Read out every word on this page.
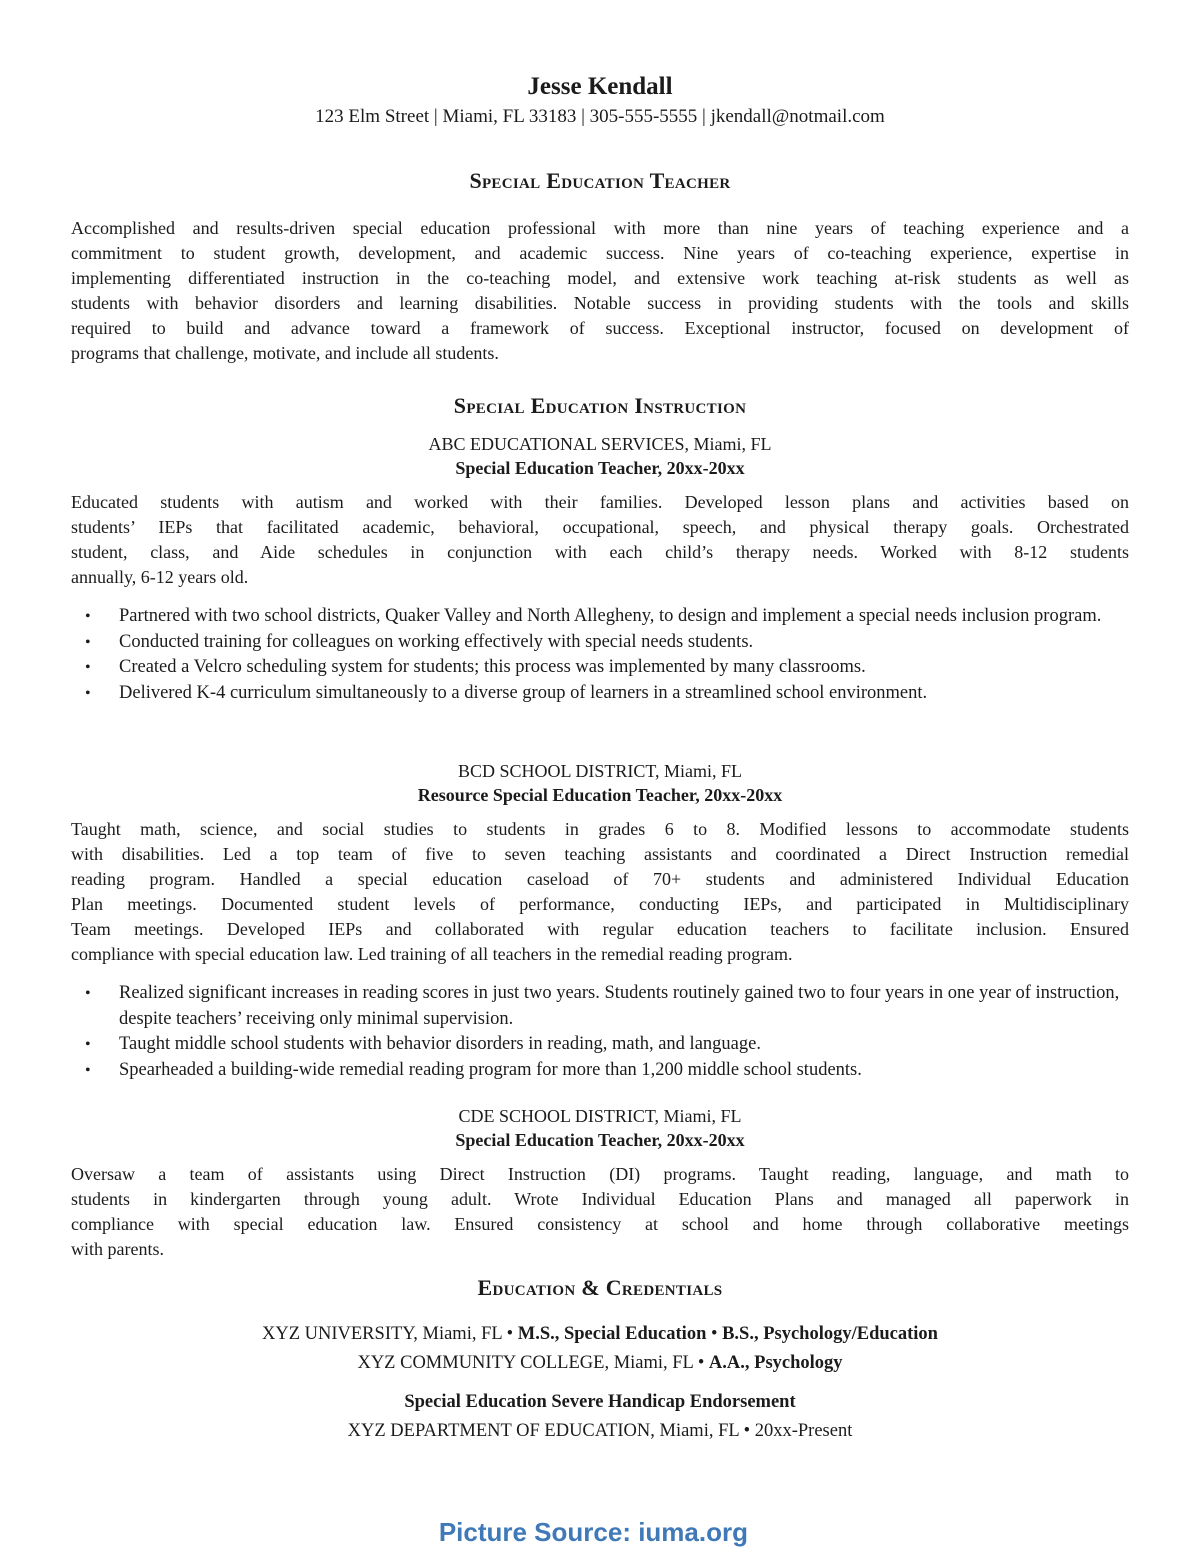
Jesse Kendall
123 Elm Street | Miami, FL 33183 | 305-555-5555 | jkendall@notmail.com
Special Education Teacher
Accomplished and results-driven special education professional with more than nine years of teaching experience and a
commitment to student growth, development, and academic success. Nine years of co-teaching experience, expertise in
implementing differentiated instruction in the co-teaching model, and extensive work teaching at-risk students as well as
students with behavior disorders and learning disabilities. Notable success in providing students with the tools and skills
required to build and advance toward a framework of success. Exceptional instructor, focused on development of
programs that challenge, motivate, and include all students.
Special Education Instruction
ABC EDUCATIONAL SERVICES, Miami, FL
Special Education Teacher, 20xx-20xx
Educated students with autism and worked with their families. Developed lesson plans and activities based on
students’ IEPs that facilitated academic, behavioral, occupational, speech, and physical therapy goals. Orchestrated
student, class, and Aide schedules in conjunction with each child’s therapy needs. Worked with 8-12 students
annually, 6-12 years old.
• Partnered with two school districts, Quaker Valley and North Allegheny, to design and implement a special needs inclusion program.
• Conducted training for colleagues on working effectively with special needs students.
• Created a Velcro scheduling system for students; this process was implemented by many classrooms.
• Delivered K-4 curriculum simultaneously to a diverse group of learners in a streamlined school environment.
BCD SCHOOL DISTRICT, Miami, FL
Resource Special Education Teacher, 20xx-20xx
Taught math, science, and social studies to students in grades 6 to 8. Modified lessons to accommodate students
with disabilities. Led a top team of five to seven teaching assistants and coordinated a Direct Instruction remedial
reading program. Handled a special education caseload of 70+ students and administered Individual Education
Plan meetings. Documented student levels of performance, conducting IEPs, and participated in Multidisciplinary
Team meetings. Developed IEPs and collaborated with regular education teachers to facilitate inclusion. Ensured
compliance with special education law. Led training of all teachers in the remedial reading program.
• Realized significant increases in reading scores in just two years. Students routinely gained two to four years in one year of instruction, despite teachers’ receiving only minimal supervision.
• Taught middle school students with behavior disorders in reading, math, and language.
• Spearheaded a building-wide remedial reading program for more than 1,200 middle school students.
CDE SCHOOL DISTRICT, Miami, FL
Special Education Teacher, 20xx-20xx
Oversaw a team of assistants using Direct Instruction (DI) programs. Taught reading, language, and math to
students in kindergarten through young adult. Wrote Individual Education Plans and managed all paperwork in
compliance with special education law. Ensured consistency at school and home through collaborative meetings
with parents.
Education & Credentials
XYZ UNIVERSITY, Miami, FL • M.S., Special Education • B.S., Psychology/Education
XYZ COMMUNITY COLLEGE, Miami, FL • A.A., Psychology
Special Education Severe Handicap Endorsement
XYZ DEPARTMENT OF EDUCATION, Miami, FL • 20xx-Present
Picture Source: iuma.org
